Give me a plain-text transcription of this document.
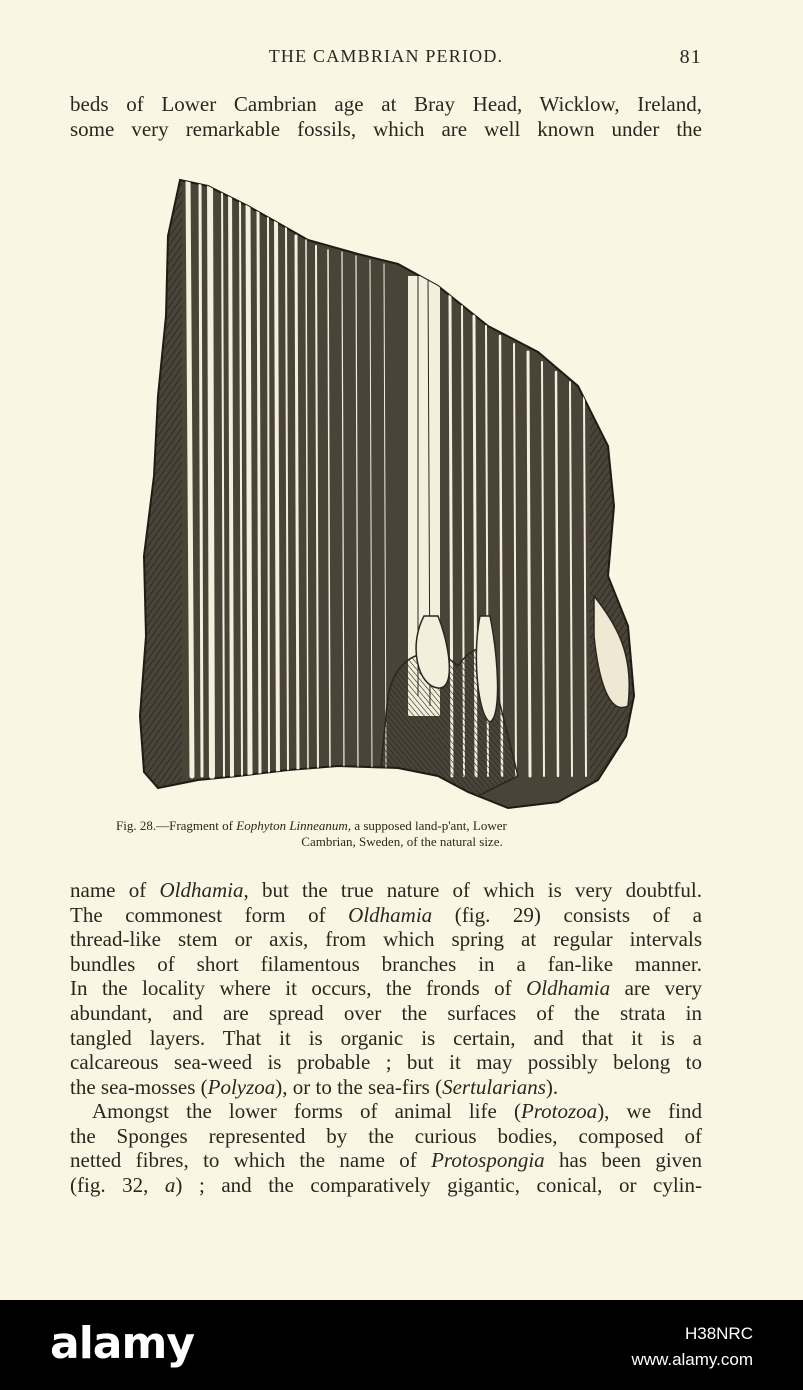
THE CAMBRIAN PERIOD.	81
beds of Lower Cambrian age at Bray Head, Wicklow, Ireland,
some very remarkable fossils, which are well known under the
Fig. 28.—Fragment of Eophyton Linneanum, a supposed land-p'ant, Lower
Cambrian, Sweden, of the natural size.
name of Oldhamia, but the true nature of which is very doubtful.
The commonest form of Oldhamia (fig. 29) consists of a
thread-like stem or axis, from which spring at regular intervals
bundles of short filamentous branches in a fan-like manner.
In the locality where it occurs, the fronds of Oldhamia are very
abundant, and are spread over the surfaces of the strata in
tangled layers. That it is organic is certain, and that it is a
calcareous sea-weed is probable ; but it may possibly belong to
the sea-mosses (Polyzoa), or to the sea-firs (Sertularians).
Amongst the lower forms of animal life (Protozoa), we find
the Sponges represented by the curious bodies, composed of
netted fibres, to which the name of Protospongia has been given
(fig. 32, a) ; and the comparatively gigantic, conical, or cylin-
alamy	H38NRC
www.alamy.com
